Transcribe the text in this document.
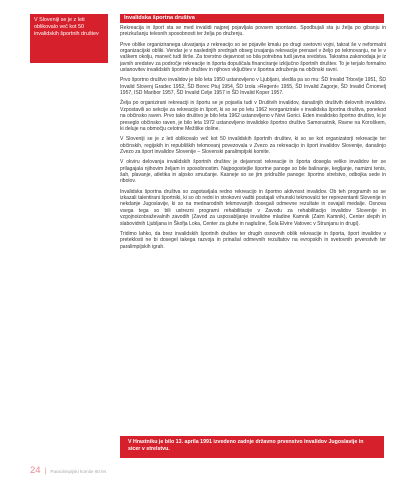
V Sloveniji se je z leti oblikovalo več kot 50 invalidskih športnih društev
Invalidska športna društva

Rekreacija in šport sta se med invalidi najprej pojavljala povsem spontano. Spodbujali sta ju želja po gibanju in preizkušanju telesnih sposobnosti ter želja po druženju.

Prve oblike organiziranega ukvarjanja z rekreacijo so se pojavile kmalu po drugi svetovni vojni, takrat še v neformalni organizacijski obliki. Vendar je v naslednjih srednjah obseg izvajanja rekreacije prerasel v željo po tekmovanju, ne le v vaškem okolju, marveč tudi širše. Za tovrstno dejavnost so bila potrebna tudi javna sredstva. Takratna zakonodaja je iz javnih sredstev za področje rekreacije in športa dopuščala financiranje izključno športnih društev. To je terjalo formalno ustanovitev invalidskih športnih društev in njihovo vključitev v športna združenja na občinski ravni.

Prvo športno društvo invalidov je bilo leta 1950 ustanovljeno v Ljubljani, sledila pa so mu: ŠD Invalid Trbovlje 1951, ŠD Invalid Slovenj Gradec 1952, ŠD Borec Ptuj 1954, ŠD Izola »Regent« 1955, ŠD Invalid Zagorje, ŠD Invalid Črnomelj 1957, ISD Maribor 1957, ŠD Invalid Celje 1957 in ŠD Invalid Koper 1957.

Želja po organizirani rekreaciji in športu se je pojavila tudi v Društvih invalidov, današnjih društvih delovnih invalidov. Vzpostavili so sekcije za rekreacijo in šport, ki so se po letu 1962 reorganizirale v invalidska športna društva, ponekod na občinsko raven. Prvo tako društvo je bilo leta 1962 ustanovljeno v Novi Gorici. Eden invalidsko športno društvo, ki je preseglo občinsko raven, je bilo leta 1972 ustanovljeno invalidsko športno društvo Samorastnik, Ravne na Koroškem, ki deluje na območju celotne Mežiške doline.

V Sloveniji se je z leti oblikovalo več kot 50 invalidskih športnih društev, ki so se kot organizatorji rekreacije ter občinskih, regijskih in republiških tekmovanj povezovala v Zvezo za rekreacijo in šport invalidov Slovenije, današnjo Zvezo za šport invalidov Slovenije – Slovenski paralimpijski komite.

V okviru delovanja invalidskih športnih društev je dejavnost rekreacije in športa dosegla veliko invalidov ter se prilagajala njihovim željam in sposobnostim. Najpogostejše športne panoge so bile balinanje, kegljanje, namizni tenis, šah, plavanje, atletika in alpsko smučanje. Kasneje so se jim pridružile panoge: športno strelstvo, odbojka sede in ribolov.

Invalidska športna društva so zagotavljala redno rekreacijo in športno aktivnost invalidov. Ob teh programih so se izkazali talentirani športniki, ki so ob redni in strokovni vadbi postajali vrhunski tekmovalci ter reprezentanti Slovenije in nekdanje Jugoslavije, ki so na mednarodnih tekmovanjih dosegali odmevne rezultate in osvajali medalje. Osnova vsega tega so bili ustrezni programi rehabilitacije v Zavodu za rehabilitacijo invalidov Slovenije in vzgojnoizobraževalnih zavodih (Zavod za usposabljanje invalidne mladine Kamnik (Zaim Kamnik), Center slepih in slabovidnih Ljubljana in Škofja Loka, Center za gluhe in naglušne, Šola Elvire Vatovec v Strunjanu in drugi).

Tridimo lahko, da brez invalidskih športnih društev ter drugih osnovnih oblik rekreacije in športa, šport invalidov v preteklosti ne bi dosegel takega razvoja in prinašal odmevnih rezultatov na evropskih in svetovnih prvenstvih ter paralimpijskih igrah.

V Hrastniku je bilo 13. aprila 1991 izvedeno zadnje državno prvenstvo invalidov Jugoslavije in sicer v strelstvu.
24 | Paraolimpijski komite 60 let
